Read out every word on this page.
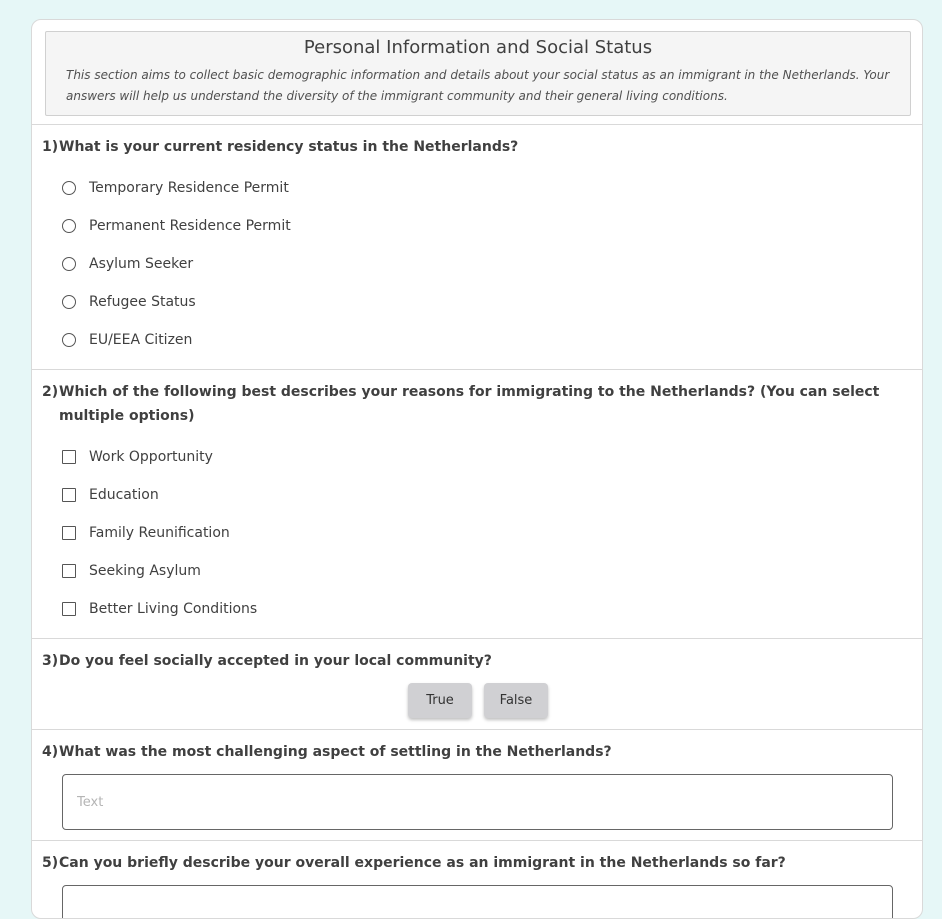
Personal Information and Social Status
This section aims to collect basic demographic information and details about your social status as an immigrant in the Netherlands. Your answers will help us understand the diversity of the immigrant community and their general living conditions.
1) What is your current residency status in the Netherlands?
Temporary Residence Permit
Permanent Residence Permit
Asylum Seeker
Refugee Status
EU/EEA Citizen
2) Which of the following best describes your reasons for immigrating to the Netherlands? (You can select multiple options)
Work Opportunity
Education
Family Reunification
Seeking Asylum
Better Living Conditions
3) Do you feel socially accepted in your local community?
True	False
4) What was the most challenging aspect of settling in the Netherlands?
Text
5) Can you briefly describe your overall experience as an immigrant in the Netherlands so far?
